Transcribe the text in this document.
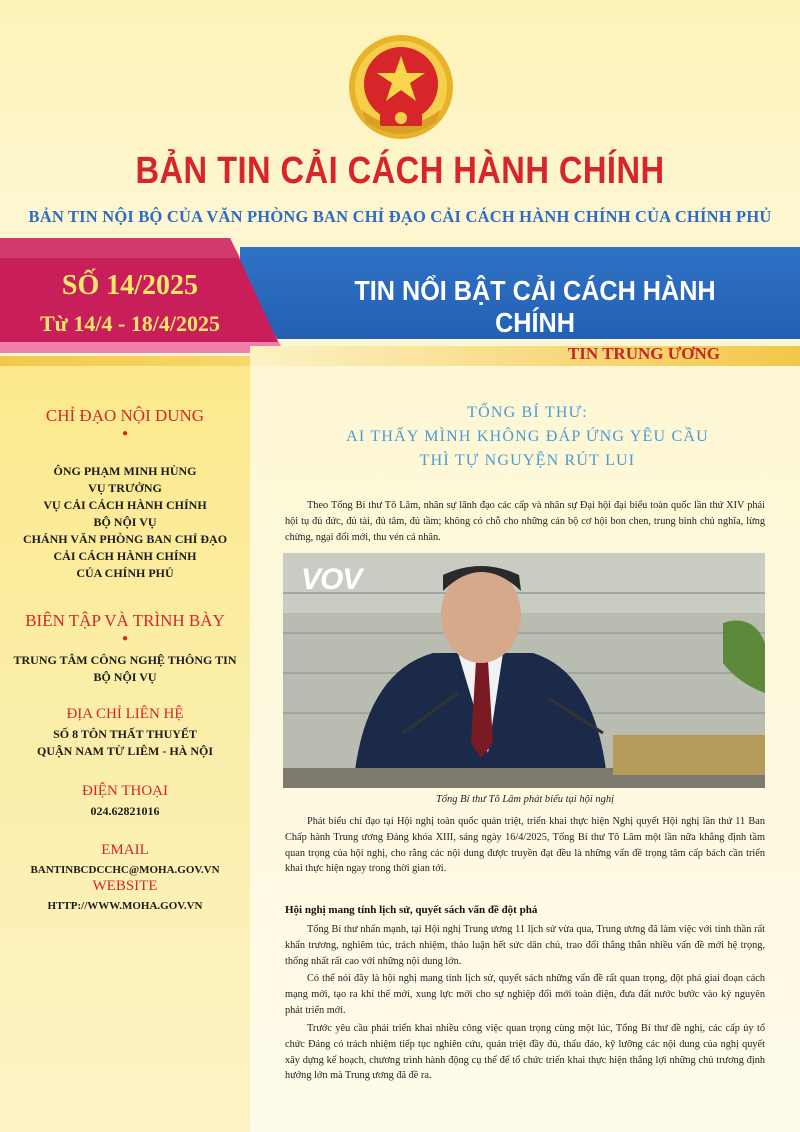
BẢN TIN CẢI CÁCH HÀNH CHÍNH
BẢN TIN NỘI BỘ CỦA VĂN PHÒNG BAN CHỈ ĐẠO CẢI CÁCH HÀNH CHÍNH CỦA CHÍNH PHỦ
TIN NỔI BẬT CẢI CÁCH HÀNH CHÍNH
SỐ 14/2025
Từ 14/4 - 18/4/2025
TIN TRUNG ƯƠNG
CHỈ ĐẠO NỘI DUNG
●
ÔNG PHẠM MINH HÙNG
VỤ TRƯỞNG
VỤ CẢI CÁCH HÀNH CHÍNH
BỘ NỘI VỤ
CHÁNH VĂN PHÒNG BAN CHỈ ĐẠO
CẢI CÁCH HÀNH CHÍNH
CỦA CHÍNH PHỦ
BIÊN TẬP VÀ TRÌNH BÀY
●
TRUNG TÂM CÔNG NGHỆ THÔNG TIN
BỘ NỘI VỤ
ĐỊA CHỈ LIÊN HỆ
SỐ 8 TÔN THẤT THUYẾT
QUẬN NAM TỪ LIÊM - HÀ NỘI
ĐIỆN THOẠI
024.62821016
EMAIL
BANTINBCDCCHC@MOHA.GOV.VN
WEBSITE
HTTP://WWW.MOHA.GOV.VN
TỔNG BÍ THƯ:
AI THẤY MÌNH KHÔNG ĐÁP ỨNG YÊU CẦU
THÌ TỰ NGUYỆN RÚT LUI
Theo Tổng Bí thư Tô Lâm, nhân sự lãnh đạo các cấp và nhân sự Đại hội đại biểu toàn quốc lần thứ XIV phải hội tụ đủ đức, đủ tài, đủ tâm, đủ tầm; không có chỗ cho những cán bộ cơ hội bon chen, trung bình chủ nghĩa, lừng chừng, ngại đổi mới, thu vén cá nhân.
VOV
Tổng Bí thư Tô Lâm phát biểu tại hội nghị
Phát biểu chỉ đạo tại Hội nghị toàn quốc quán triệt, triển khai thực hiện Nghị quyết Hội nghị lần thứ 11 Ban Chấp hành Trung ương Đảng khóa XIII, sáng ngày 16/4/2025, Tổng Bí thư Tô Lâm một lần nữa khẳng định tầm quan trọng của hội nghị, cho rằng các nội dung được truyền đạt đều là những vấn đề trọng tâm cấp bách cần triển khai thực hiện ngay trong thời gian tới.
Hội nghị mang tính lịch sử, quyết sách vấn đề đột phá
Tổng Bí thư nhấn mạnh, tại Hội nghị Trung ương 11 lịch sử vừa qua, Trung ương đã làm việc với tinh thần rất khẩn trương, nghiêm túc, trách nhiệm, thảo luận hết sức dân chủ, trao đổi thẳng thắn nhiều vấn đề mới hệ trọng, thống nhất rất cao với những nội dung lớn.
Có thể nói đây là hội nghị mang tính lịch sử, quyết sách những vấn đề rất quan trọng, đột phá giai đoạn cách mạng mới, tạo ra khí thế mới, xung lực mới cho sự nghiệp đổi mới toàn diện, đưa đất nước bước vào kỷ nguyên phát triển mới.
Trước yêu cầu phải triển khai nhiều công việc quan trọng cùng một lúc, Tổng Bí thư đề nghị, các cấp ủy tổ chức Đảng có trách nhiệm tiếp tục nghiên cứu, quán triệt đầy đủ, thấu đáo, kỹ lưỡng các nội dung của nghị quyết xây dựng kế hoạch, chương trình hành động cụ thể để tổ chức triển khai thực hiện thắng lợi những chủ trương định hướng lớn mà Trung ương đã đề ra.
